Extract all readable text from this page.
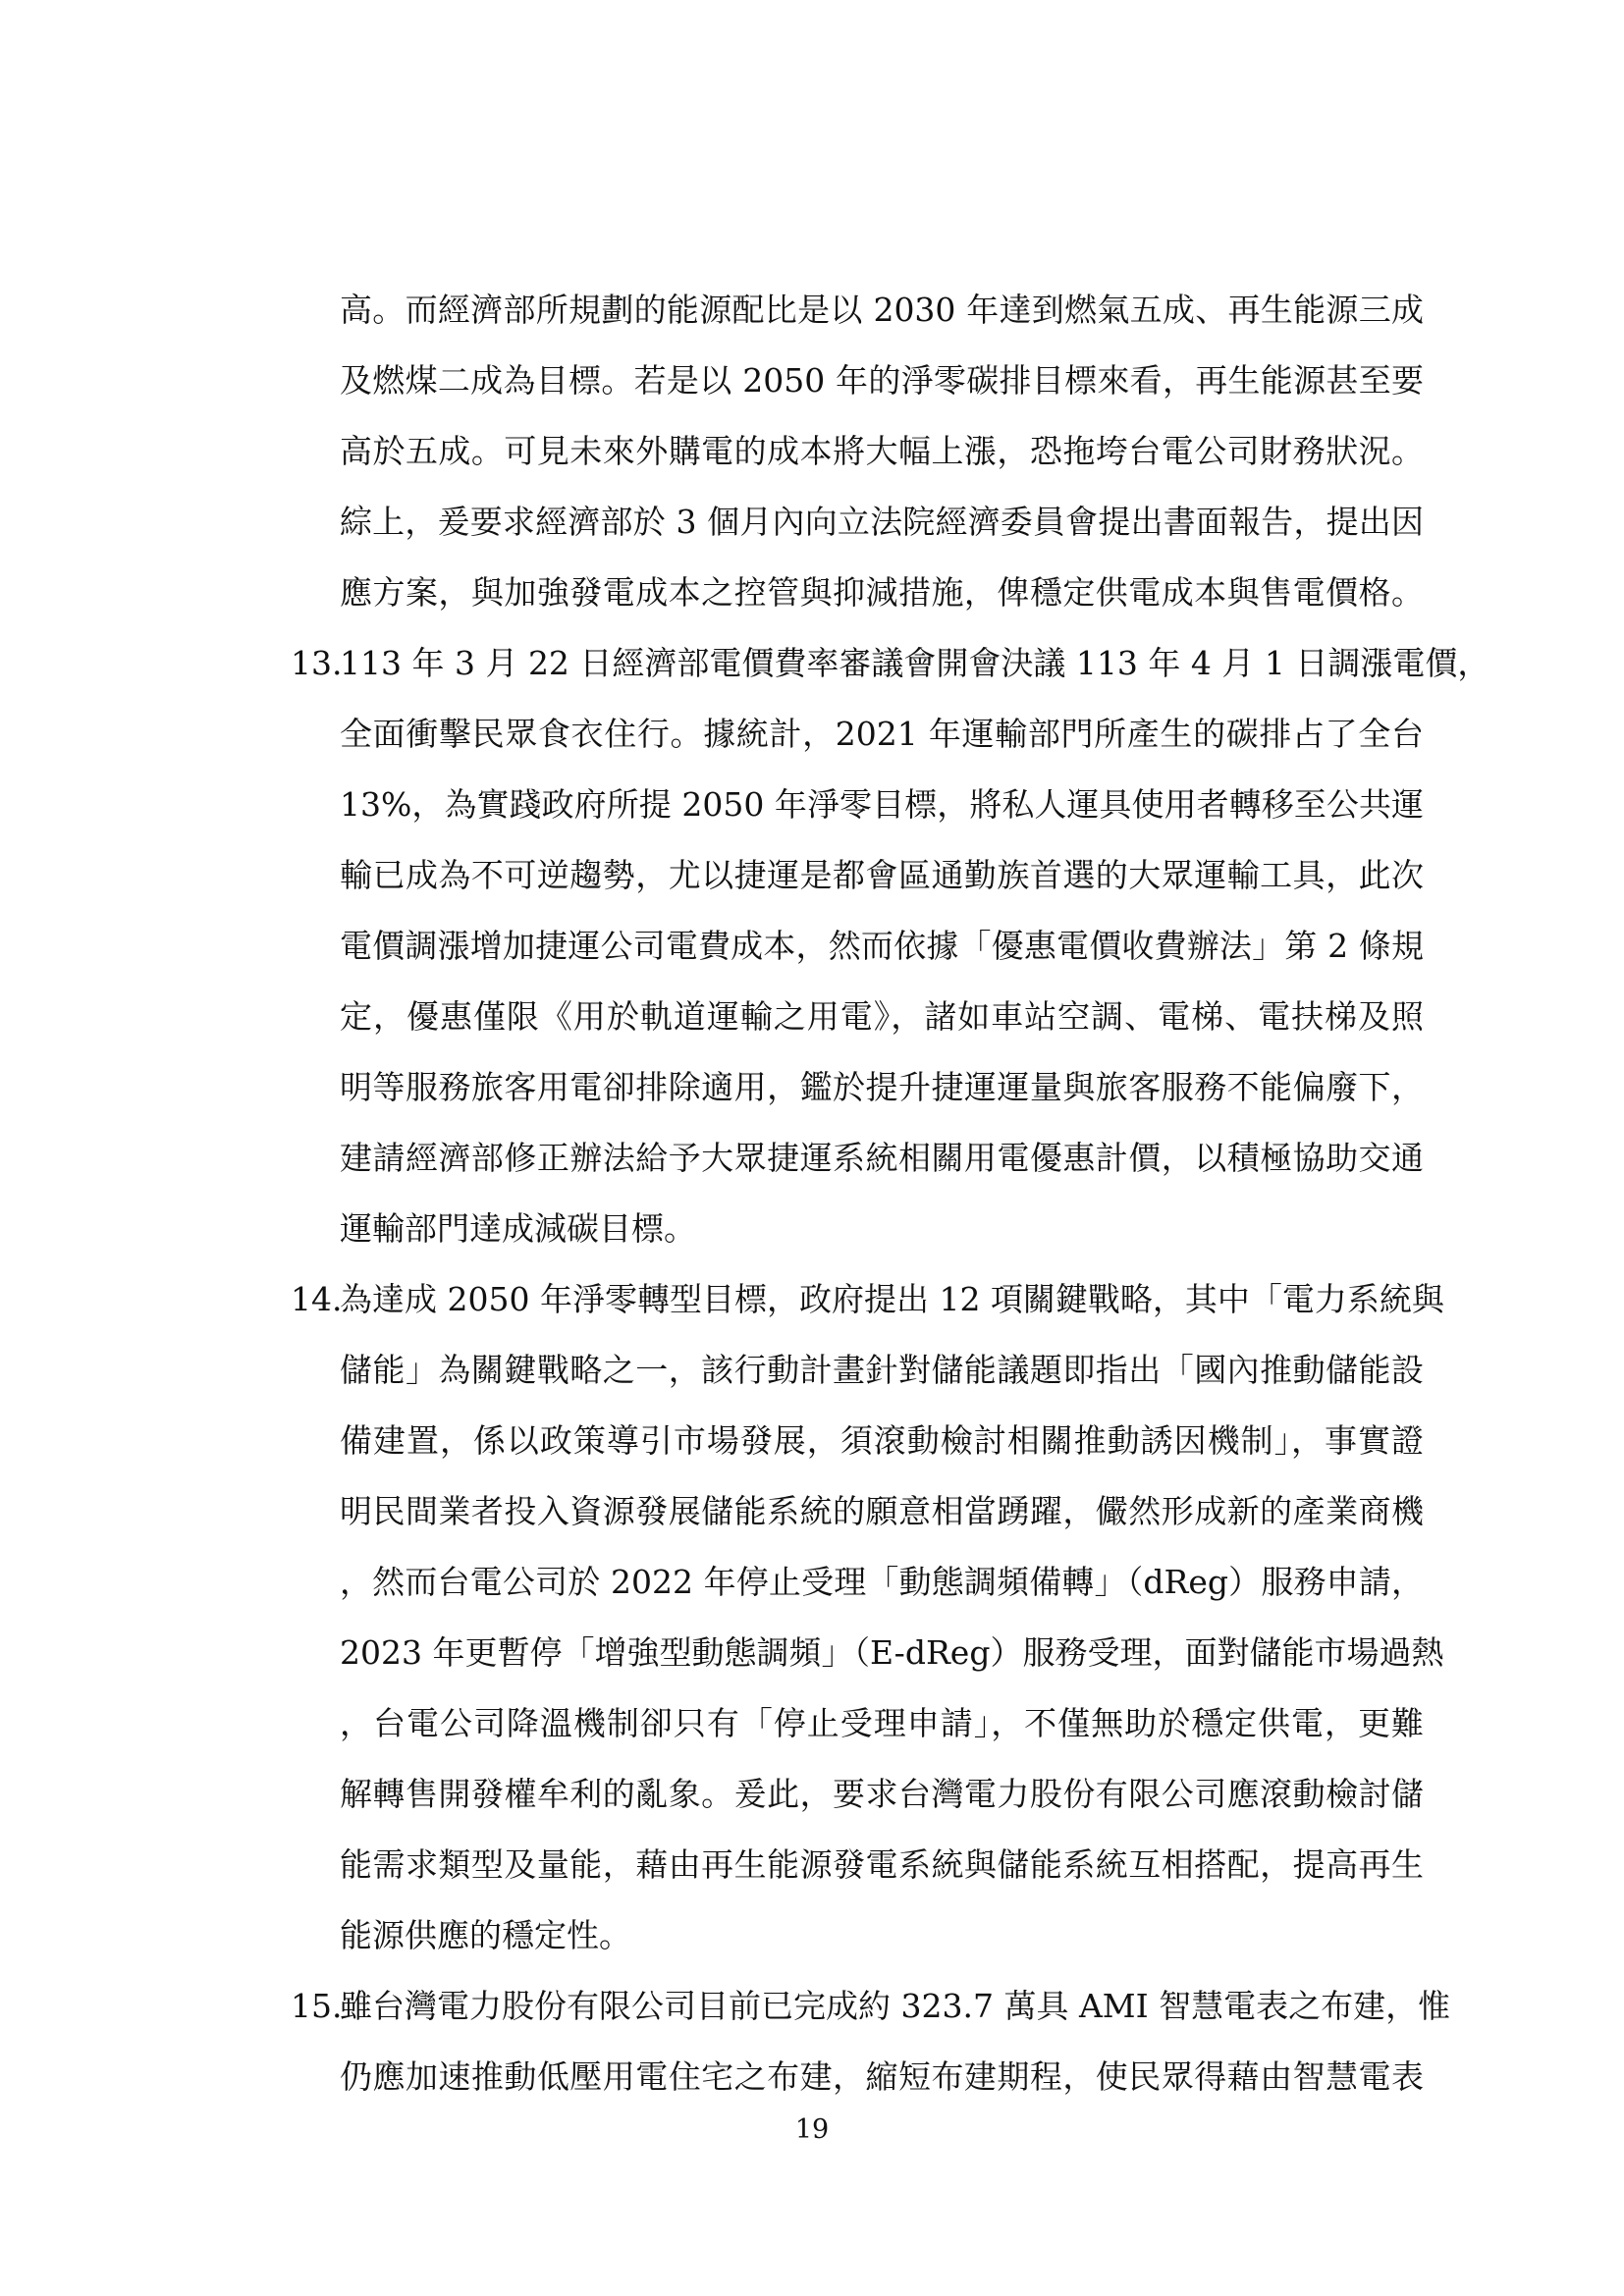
高。而經濟部所規劃的能源配比是以 2030 年達到燃氣五成、再生能源三成
及燃煤二成為目標。若是以 2050 年的淨零碳排目標來看，再生能源甚至要
高於五成。可見未來外購電的成本將大幅上漲，恐拖垮台電公司財務狀況。
綜上，爰要求經濟部於 3 個月內向立法院經濟委員會提出書面報告，提出因
應方案，與加強發電成本之控管與抑減措施，俾穩定供電成本與售電價格。
13.
113 年 3 月 22 日經濟部電價費率審議會開會決議 113 年 4 月 1 日調漲電價，
全面衝擊民眾食衣住行。據統計，2021 年運輸部門所產生的碳排占了全台
13%，為實踐政府所提 2050 年淨零目標，將私人運具使用者轉移至公共運
輸已成為不可逆趨勢，尤以捷運是都會區通勤族首選的大眾運輸工具，此次
電價調漲增加捷運公司電費成本，然而依據「優惠電價收費辦法」第 2 條規
定，優惠僅限《用於軌道運輸之用電》，諸如車站空調、電梯、電扶梯及照
明等服務旅客用電卻排除適用，鑑於提升捷運運量與旅客服務不能偏廢下，
建請經濟部修正辦法給予大眾捷運系統相關用電優惠計價，以積極協助交通
運輸部門達成減碳目標。
14.
為達成 2050 年淨零轉型目標，政府提出 12 項關鍵戰略，其中「電力系統與
儲能」為關鍵戰略之一，該行動計畫針對儲能議題即指出「國內推動儲能設
備建置，係以政策導引市場發展，須滾動檢討相關推動誘因機制」，事實證
明民間業者投入資源發展儲能系統的願意相當踴躍，儼然形成新的產業商機
，然而台電公司於 2022 年停止受理「動態調頻備轉」（dReg）服務申請，
2023 年更暫停「增強型動態調頻」（E-dReg）服務受理，面對儲能市場過熱
，台電公司降溫機制卻只有「停止受理申請」，不僅無助於穩定供電，更難
解轉售開發權牟利的亂象。爰此，要求台灣電力股份有限公司應滾動檢討儲
能需求類型及量能，藉由再生能源發電系統與儲能系統互相搭配，提高再生
能源供應的穩定性。
15.
雖台灣電力股份有限公司目前已完成約 323.7 萬具 AMI 智慧電表之布建，惟
仍應加速推動低壓用電住宅之布建，縮短布建期程，使民眾得藉由智慧電表
19
